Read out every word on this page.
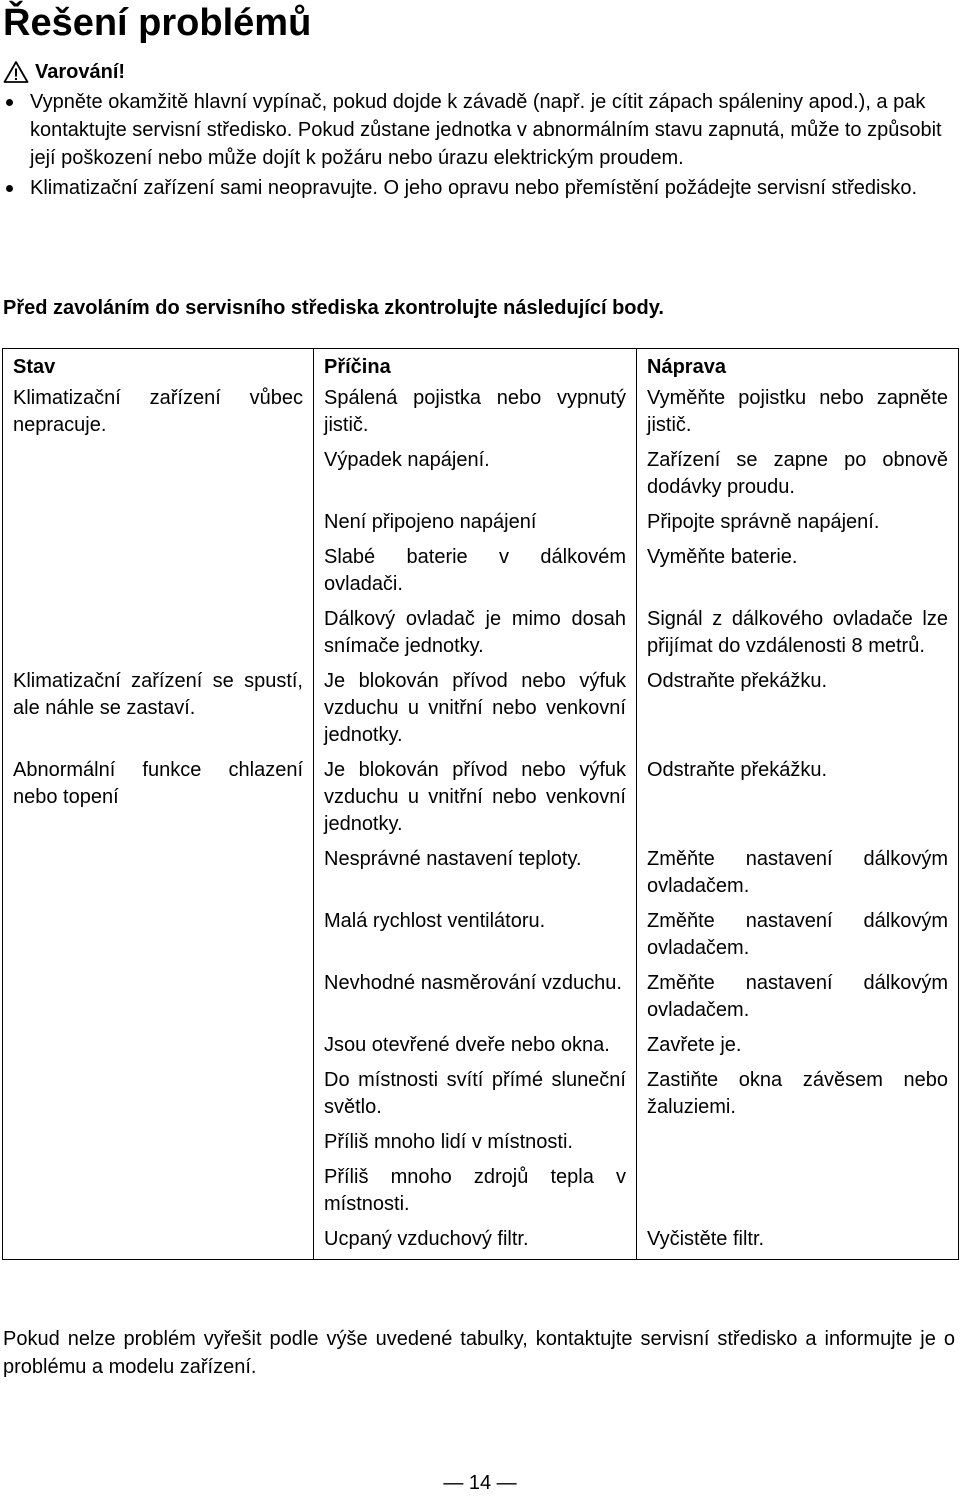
Řešení problémů
Varování!
Vypněte okamžitě hlavní vypínač, pokud dojde k závadě (např. je cítit zápach spáleniny apod.), a pak kontaktujte servisní středisko. Pokud zůstane jednotka v abnormálním stavu zapnutá, může to způsobit její poškození nebo může dojít k požáru nebo úrazu elektrickým proudem.
Klimatizační zařízení sami neopravujte. O jeho opravu nebo přemístění požádejte servisní středisko.
Před zavoláním do servisního střediska zkontrolujte následující body.
Stav	Příčina	Náprava
Klimatizační zařízení vůbec nepracuje.	Spálená pojistka nebo vypnutý jistič.	Vyměňte pojistku nebo zapněte jistič.
	Výpadek napájení.	Zařízení se zapne po obnově dodávky proudu.
	Není připojeno napájení	Připojte správně napájení.
	Slabé baterie v dálkovém ovladači.	Vyměňte baterie.
	Dálkový ovladač je mimo dosah snímače jednotky.	Signál z dálkového ovladače lze přijímat do vzdálenosti 8 metrů.
Klimatizační zařízení se spustí, ale náhle se zastaví.	Je blokován přívod nebo výfuk vzduchu u vnitřní nebo venkovní jednotky.	Odstraňte překážku.
Abnormální funkce chlazení nebo topení	Je blokován přívod nebo výfuk vzduchu u vnitřní nebo venkovní jednotky.	Odstraňte překážku.
	Nesprávné nastavení teploty.	Změňte nastavení dálkovým ovladačem.
	Malá rychlost ventilátoru.	Změňte nastavení dálkovým ovladačem.
	Nevhodné nasměrování vzduchu.	Změňte nastavení dálkovým ovladačem.
	Jsou otevřené dveře nebo okna.	Zavřete je.
	Do místnosti svítí přímé sluneční světlo.	Zastiňte okna závěsem nebo žaluziemi.
	Příliš mnoho lidí v místnosti.	
	Příliš mnoho zdrojů tepla v místnosti.	
	Ucpaný vzduchový filtr.	Vyčistěte filtr.
Pokud nelze problém vyřešit podle výše uvedené tabulky, kontaktujte servisní středisko a informujte je o problému a modelu zařízení.
— 14 —
